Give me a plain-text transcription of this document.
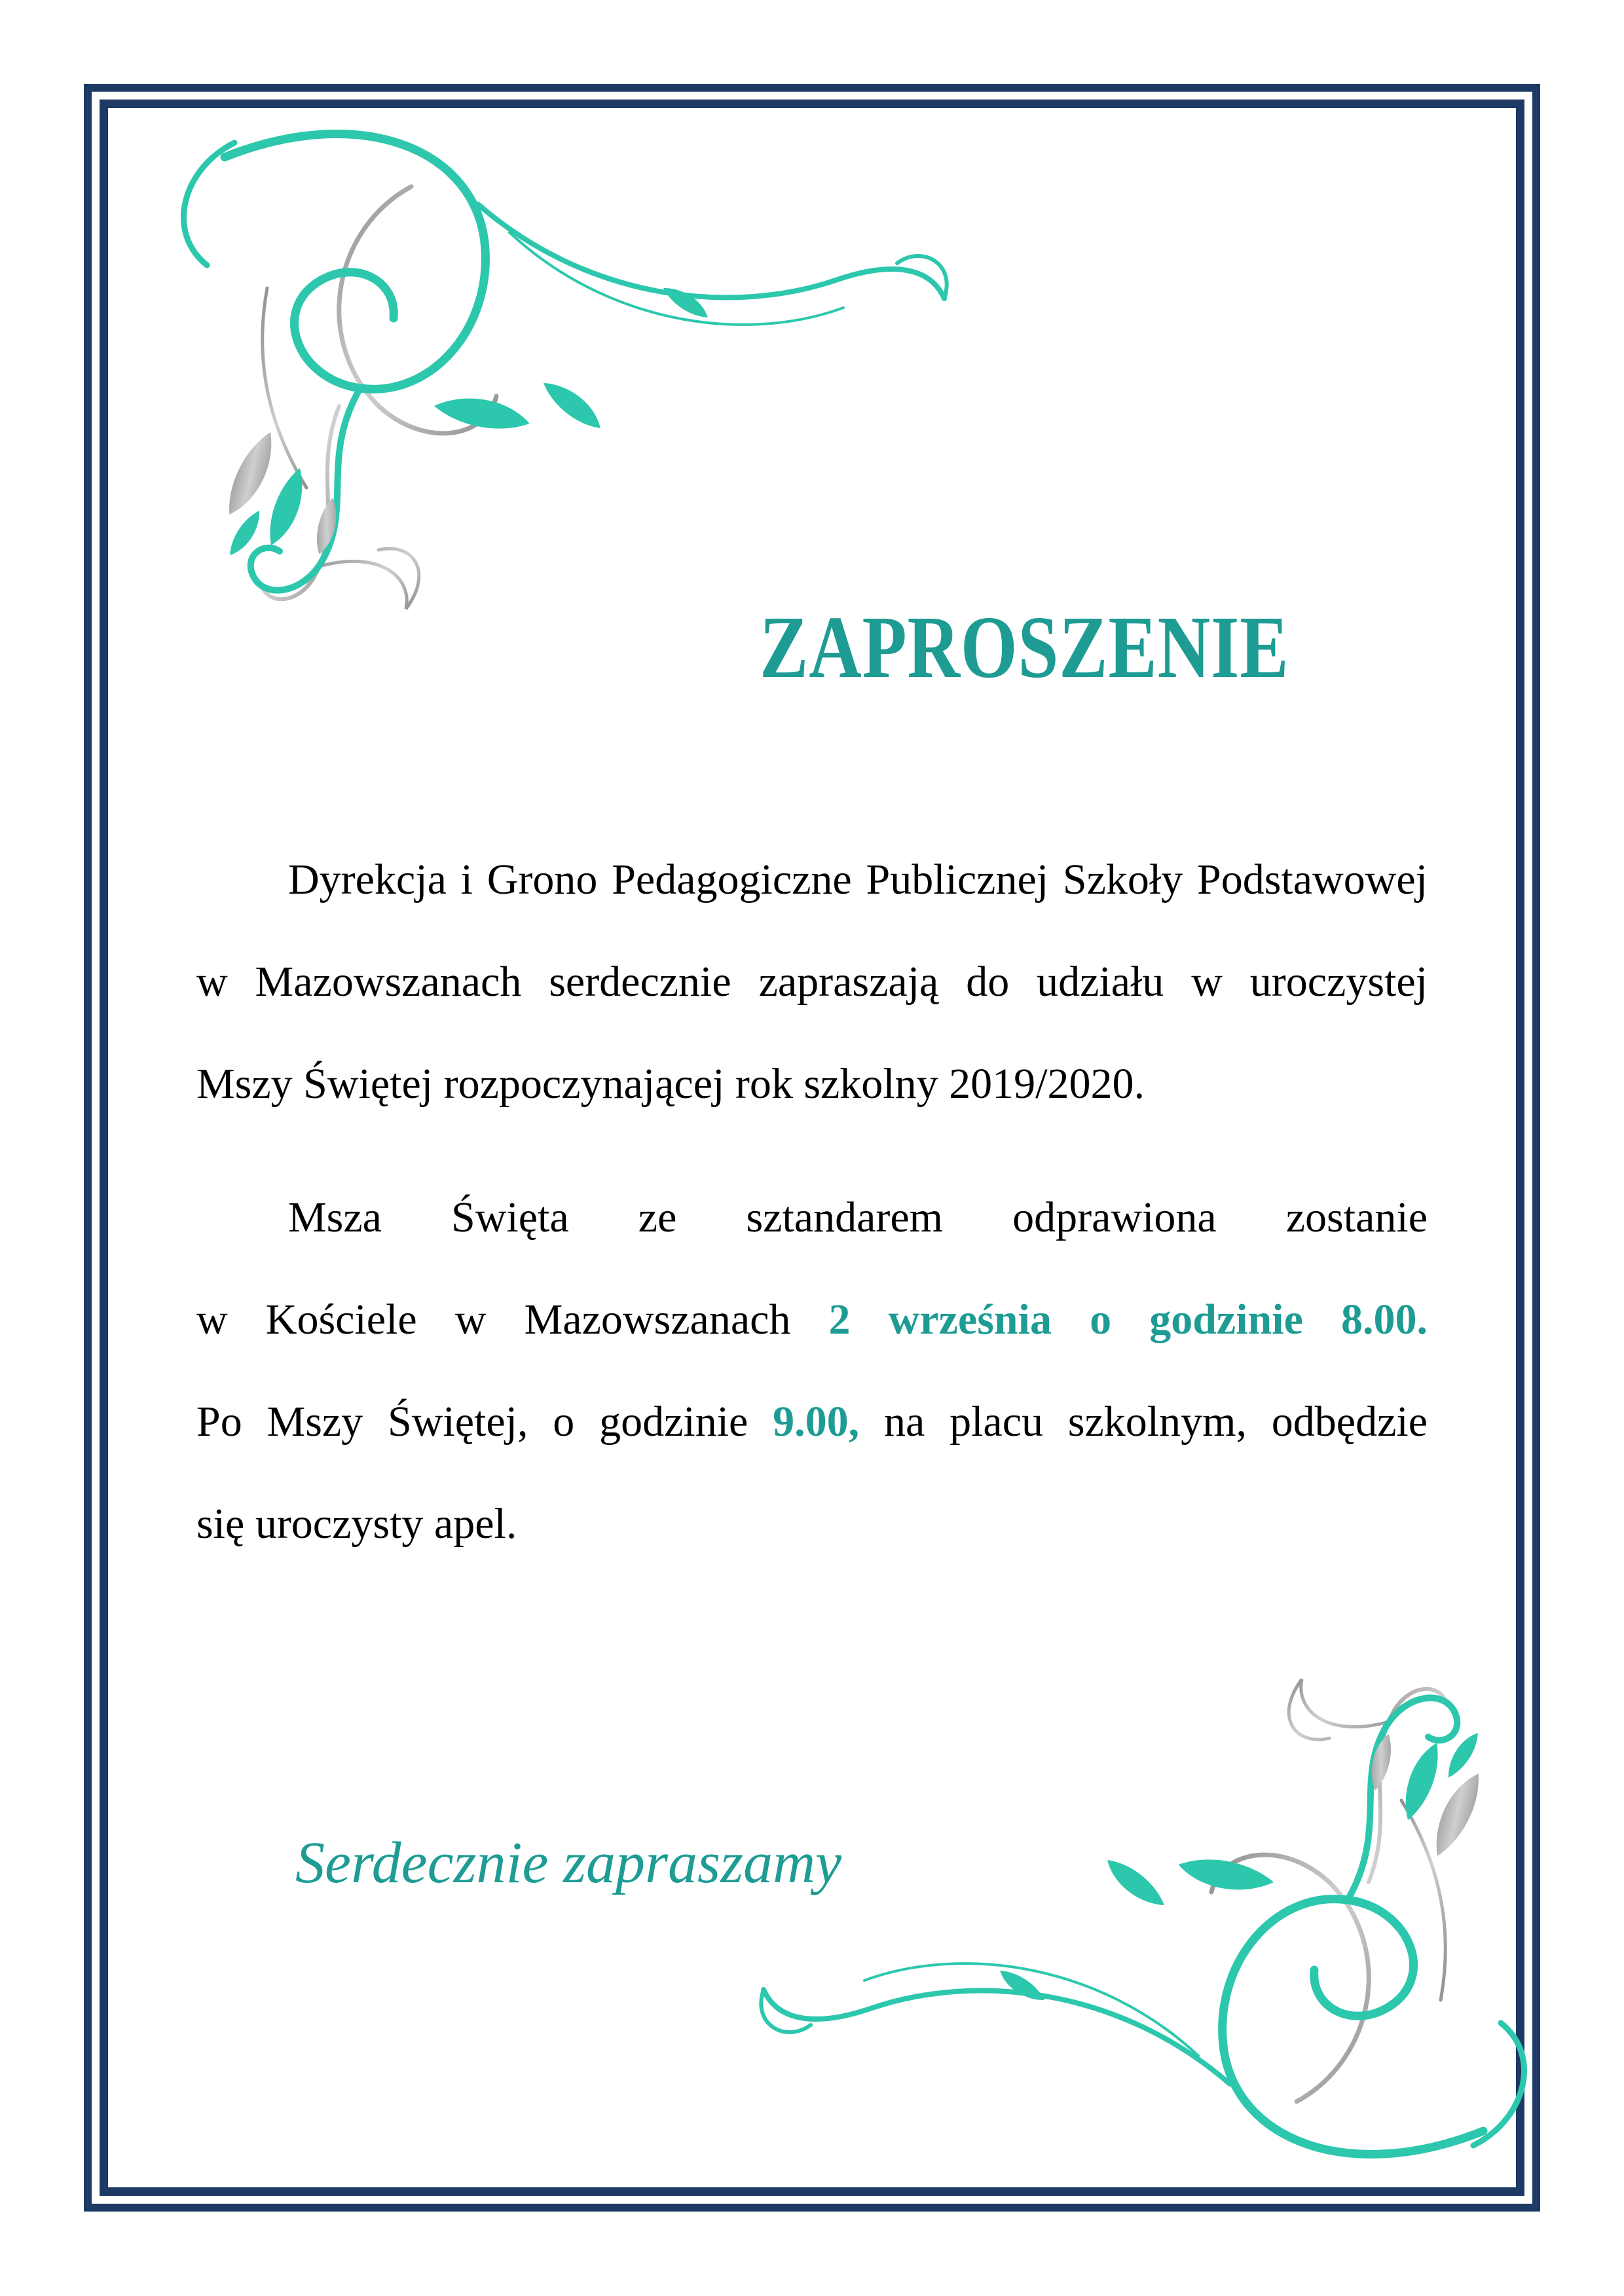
ZAPROSZENIE
Dyrekcja i Grono Pedagogiczne Publicznej Szkoły Podstawowej
w Mazowszanach serdecznie zapraszają do udziału w uroczystej
Mszy Świętej rozpoczynającej rok szkolny 2019/2020.
Msza Święta ze sztandarem odprawiona zostanie
w Kościele w Mazowszanach 2 września o godzinie 8.00.
Po Mszy Świętej, o godzinie 9.00, na placu szkolnym, odbędzie
się uroczysty apel.
Serdecznie zapraszamy
